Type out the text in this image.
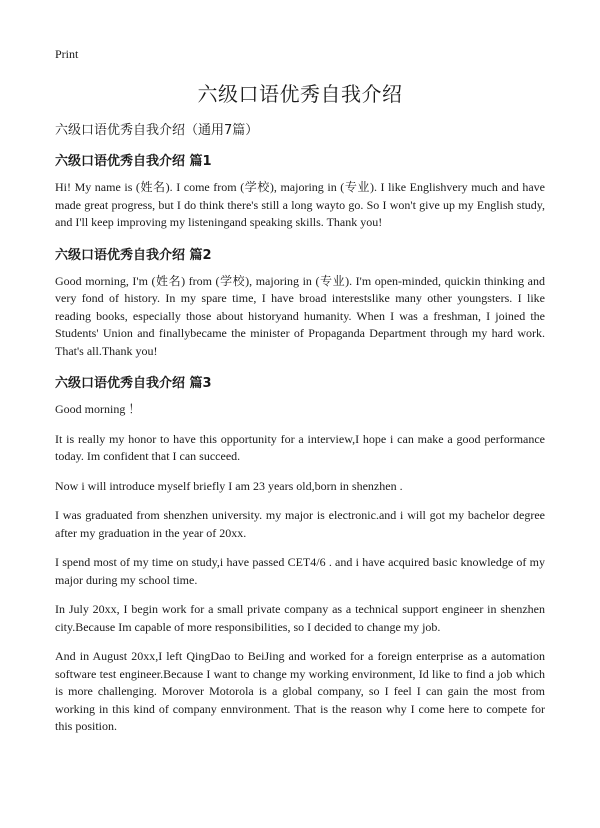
Print
六级口语优秀自我介绍

六级口语优秀自我介绍（通用7篇）

六级口语优秀自我介绍 篇1

Hi! My name is (姓名). I come from (学校), majoring in (专业). I like Englishvery much and have made great progress, but I do think there's still a long wayto go. So I won't give up my English study, and I'll keep improving my listeningand speaking skills. Thank you!

六级口语优秀自我介绍 篇2

Good morning, I'm (姓名) from (学校), majoring in (专业). I'm open-minded, quickin thinking and very fond of history. In my spare time, I have broad interestslike many other youngsters. I like reading books, especially those about historyand humanity. When I was a freshman, I joined the Students' Union and finallybecame the minister of Propaganda Department through my hard work. That's all.Thank you!

六级口语优秀自我介绍 篇3

Good morning ！

It is really my honor to have this opportunity for a interview,I hope i can make a good performance today. Im confident that I can succeed.

Now i will introduce myself briefly I am 23 years old,born in shenzhen .

I was graduated from shenzhen university. my major is electronic.and i will got my bachelor degree after my graduation in the year of 20xx.

I spend most of my time on study,i have passed CET4/6 . and i have acquired basic knowledge of my major during my school time.

In July 20xx, I begin work for a small private company as a technical support engineer in shenzhen city.Because Im capable of more responsibilities, so I decided to change my job.

And in August 20xx,I left QingDao to BeiJing and worked for a foreign enterprise as a automation software test engineer.Because I want to change my working environment, Id like to find a job which is more challenging. Morover Motorola is a global company, so I feel I can gain the most from working in this kind of company ennvironment. That is the reason why I come here to compete for this position.
